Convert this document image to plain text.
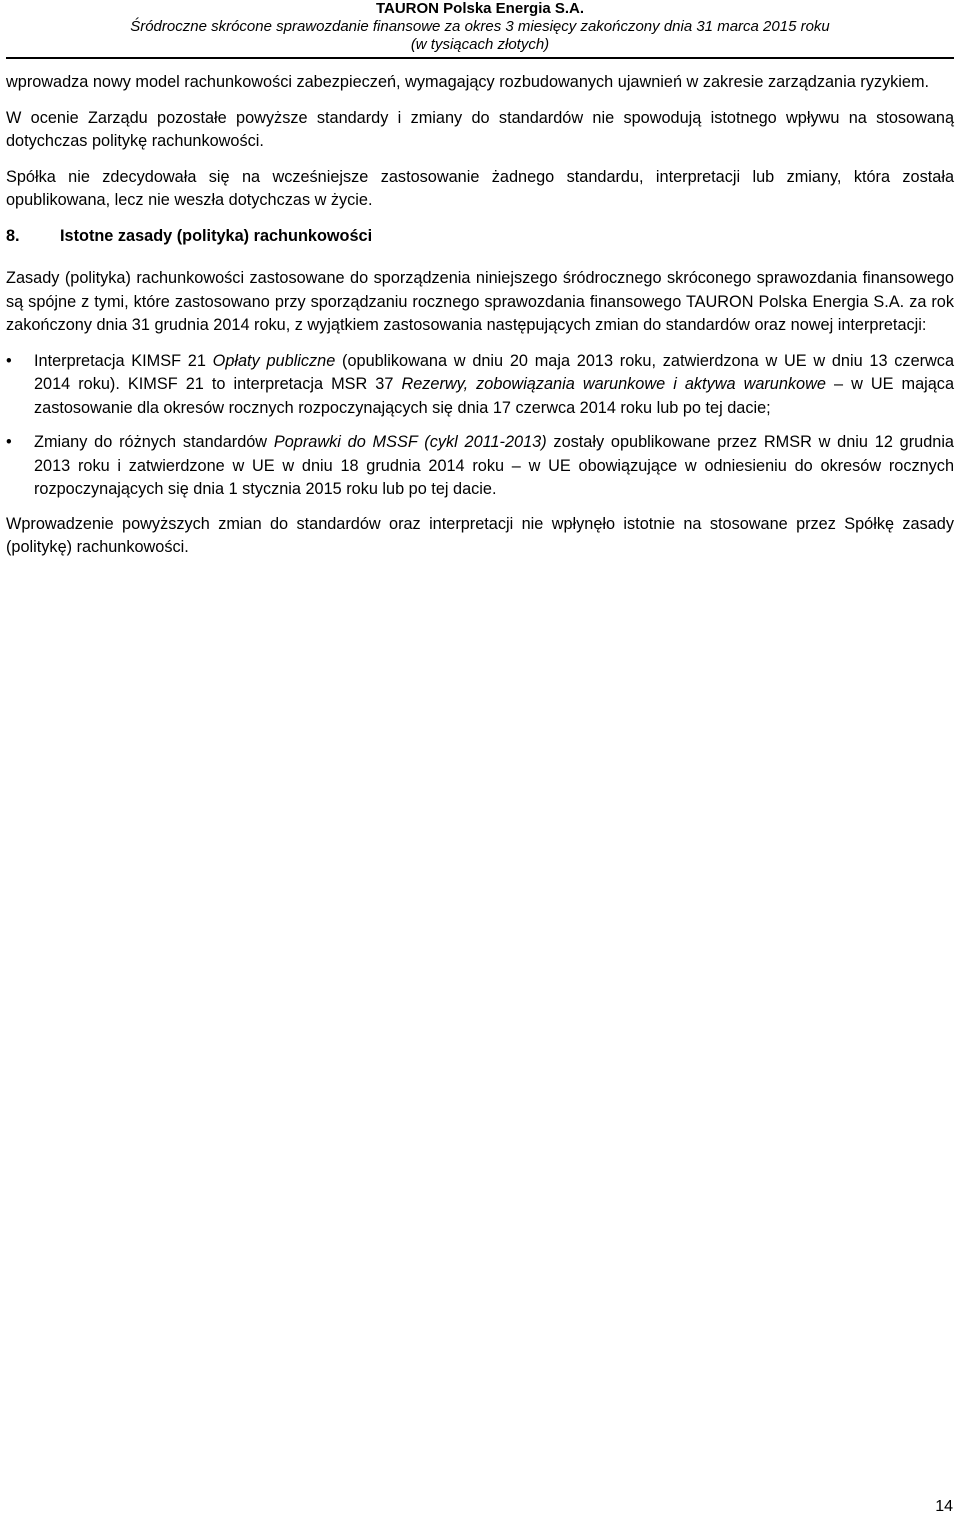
TAURON Polska Energia S.A.
Śródroczne skrócone sprawozdanie finansowe za okres 3 miesięcy zakończony dnia 31 marca 2015 roku
(w tysiącach złotych)

wprowadza nowy model rachunkowości zabezpieczeń, wymagający rozbudowanych ujawnień w zakresie zarządzania ryzykiem.

W ocenie Zarządu pozostałe powyższe standardy i zmiany do standardów nie spowodują istotnego wpływu na stosowaną dotychczas politykę rachunkowości.

Spółka nie zdecydowała się na wcześniejsze zastosowanie żadnego standardu, interpretacji lub zmiany, która została opublikowana, lecz nie weszła dotychczas w życie.

8. Istotne zasady (polityka) rachunkowości

Zasady (polityka) rachunkowości zastosowane do sporządzenia niniejszego śródrocznego skróconego sprawozdania finansowego są spójne z tymi, które zastosowano przy sporządzaniu rocznego sprawozdania finansowego TAURON Polska Energia S.A. za rok zakończony dnia 31 grudnia 2014 roku, z wyjątkiem zastosowania następujących zmian do standardów oraz nowej interpretacji:

• Interpretacja KIMSF 21 Opłaty publiczne (opublikowana w dniu 20 maja 2013 roku, zatwierdzona w UE w dniu 13 czerwca 2014 roku). KIMSF 21 to interpretacja MSR 37 Rezerwy, zobowiązania warunkowe i aktywa warunkowe – w UE mająca zastosowanie dla okresów rocznych rozpoczynających się dnia 17 czerwca 2014 roku lub po tej dacie;
• Zmiany do różnych standardów Poprawki do MSSF (cykl 2011-2013) zostały opublikowane przez RMSR w dniu 12 grudnia 2013 roku i zatwierdzone w UE w dniu 18 grudnia 2014 roku – w UE obowiązujące w odniesieniu do okresów rocznych rozpoczynających się dnia 1 stycznia 2015 roku lub po tej dacie.

Wprowadzenie powyższych zmian do standardów oraz interpretacji nie wpłynęło istotnie na stosowane przez Spółkę zasady (politykę) rachunkowości.

14
